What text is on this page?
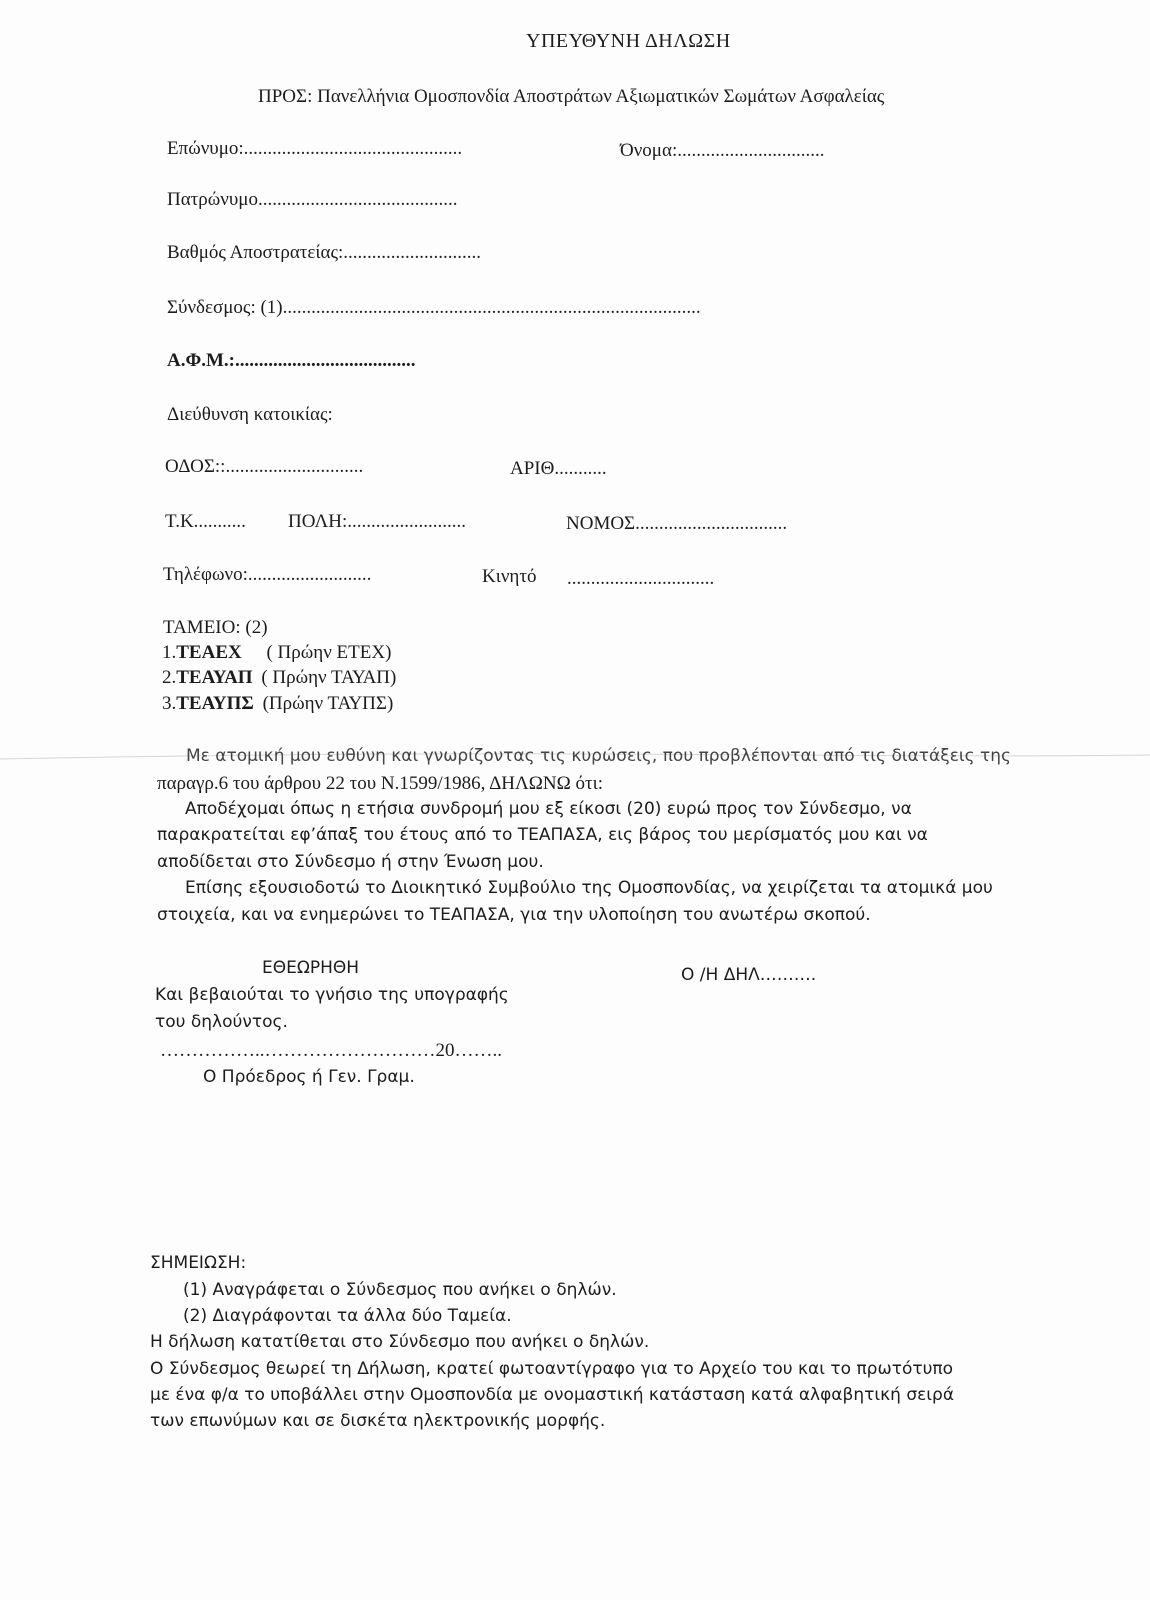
ΥΠΕΥΘΥΝΗ ΔΗΛΩΣΗ
ΠΡΟΣ: Πανελλήνια Ομοσπονδία Αποστράτων Αξιωματικών Σωμάτων Ασφαλείας
Επώνυμο:..............................................	Όνομα:...............................
Πατρώνυμο..........................................
Βαθμός Αποστρατείας:.............................
Σύνδεσμος: (1)........................................................................................
Α.Φ.Μ.:......................................
Διεύθυνση κατοικίας:
ΟΔΟΣ::.............................	ΑΡΙΘ...........
Τ.Κ........... ΠΟΛΗ:.........................	ΝΟΜΟΣ................................
Τηλέφωνο:..........................	Κινητό ...............................
ΤΑΜΕΙΟ: (2)
1.ΤΕΑΕΧ ( Πρώην ΕΤΕΧ)
2.ΤΕΑΥΑΠ ( Πρώην ΤΑΥΑΠ)
3.ΤΕΑΥΠΣ (Πρώην ΤΑΥΠΣ)
Με ατομική μου ευθύνη και γνωρίζοντας τις κυρώσεις, που προβλέπονται από τις διατάξεις της
παραγρ.6 του άρθρου 22 του Ν.1599/1986, ΔΗΛΩΝΩ ότι:
Αποδέχομαι όπως η ετήσια συνδρομή μου εξ είκοσι (20) ευρώ προς τον Σύνδεσμο, να
παρακρατείται εφ’άπαξ του έτους από το ΤΕΑΠΑΣΑ, εις βάρος του μερίσματός μου και να
αποδίδεται στο Σύνδεσμο ή στην Ένωση μου.
Επίσης εξουσιοδοτώ το Διοικητικό Συμβούλιο της Ομοσπονδίας, να χειρίζεται τα ατομικά μου
στοιχεία, και να ενημερώνει το ΤΕΑΠΑΣΑ, για την υλοποίηση του ανωτέρω σκοπού.
ΕΘΕΩΡΗΘΗ
Και βεβαιούται το γνήσιο της υπογραφής
του δηλούντος.
……………..………………………20……..
Ο Πρόεδρος ή Γεν. Γραμ.
Ο /Η ΔΗΛ……….
ΣΗΜΕΙΩΣΗ:
(1) Αναγράφεται ο Σύνδεσμος που ανήκει ο δηλών.
(2) Διαγράφονται τα άλλα δύο Ταμεία.
Η δήλωση κατατίθεται στο Σύνδεσμο που ανήκει ο δηλών.
Ο Σύνδεσμος θεωρεί τη Δήλωση, κρατεί φωτοαντίγραφο για το Αρχείο του και το πρωτότυπο
με ένα φ/α το υποβάλλει στην Ομοσπονδία με ονομαστική κατάσταση κατά αλφαβητική σειρά
των επωνύμων και σε δισκέτα ηλεκτρονικής μορφής.
